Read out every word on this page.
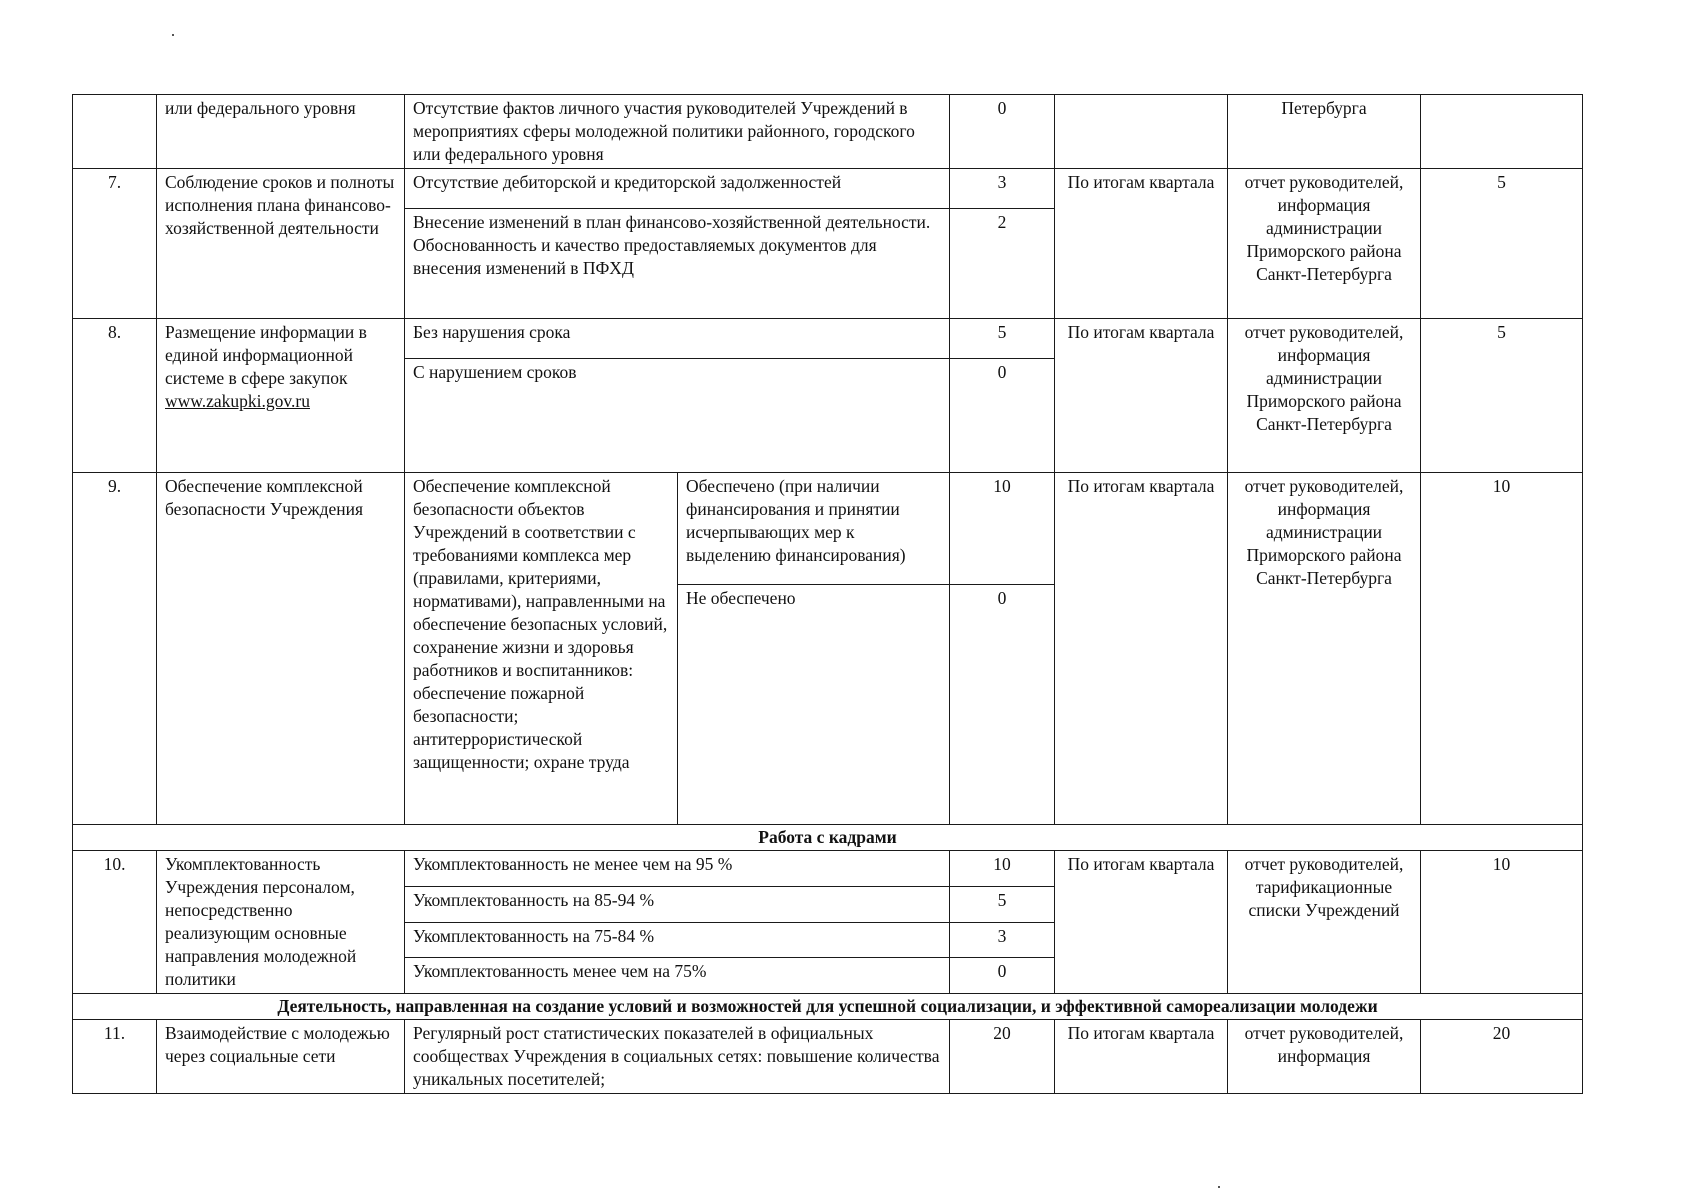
	или федерального уровня	Отсутствие фактов личного участия руководителей Учреждений в мероприятиях сферы молодежной политики районного, городского или федерального уровня		0		Петербурга	
7.	Соблюдение сроков и полноты исполнения плана финансово-хозяйственной деятельности	Отсутствие дебиторской и кредиторской задолженностей		3	По итогам квартала	отчет руководителей, информация администрации Приморского района Санкт-Петербурга	5
		Внесение изменений в план финансово-хозяйственной деятельности. Обоснованность и качество предоставляемых документов для внесения изменений в ПФХД		2			
8.	Размещение информации в единой информационной системе в сфере закупок www.zakupki.gov.ru	Без нарушения срока		5	По итогам квартала	отчет руководителей, информация администрации Приморского района Санкт-Петербурга	5
		С нарушением сроков		0			
9.	Обеспечение комплексной безопасности Учреждения	Обеспечение комплексной безопасности объектов Учреждений в соответствии с требованиями комплекса мер (правилами, критериями, нормативами), направленными на обеспечение безопасных условий, сохранение жизни и здоровья работников и воспитанников: обеспечение пожарной безопасности; антитеррористической защищенности; охране труда	Обеспечено (при наличии финансирования и принятии исчерпывающих мер к выделению финансирования)	10	По итогам квартала	отчет руководителей, информация администрации Приморского района Санкт-Петербурга	10
			Не обеспечено	0			
Работа с кадрами							
10.	Укомплектованность Учреждения персоналом, непосредственно реализующим основные направления молодежной политики	Укомплектованность не менее чем на 95 %		10	По итогам квартала	отчет руководителей, тарификационные списки Учреждений	10
		Укомплектованность на 85-94 %		5			
		Укомплектованность на 75-84 %		3			
		Укомплектованность менее чем на 75%		0			
Деятельность, направленная на создание условий и возможностей для успешной социализации, и эффективной самореализации молодежи							
11.	Взаимодействие с молодежью через социальные сети	Регулярный рост статистических показателей в официальных сообществах Учреждения в социальных сетях: повышение количества уникальных посетителей;		20	По итогам квартала	отчет руководителей, информация	20
